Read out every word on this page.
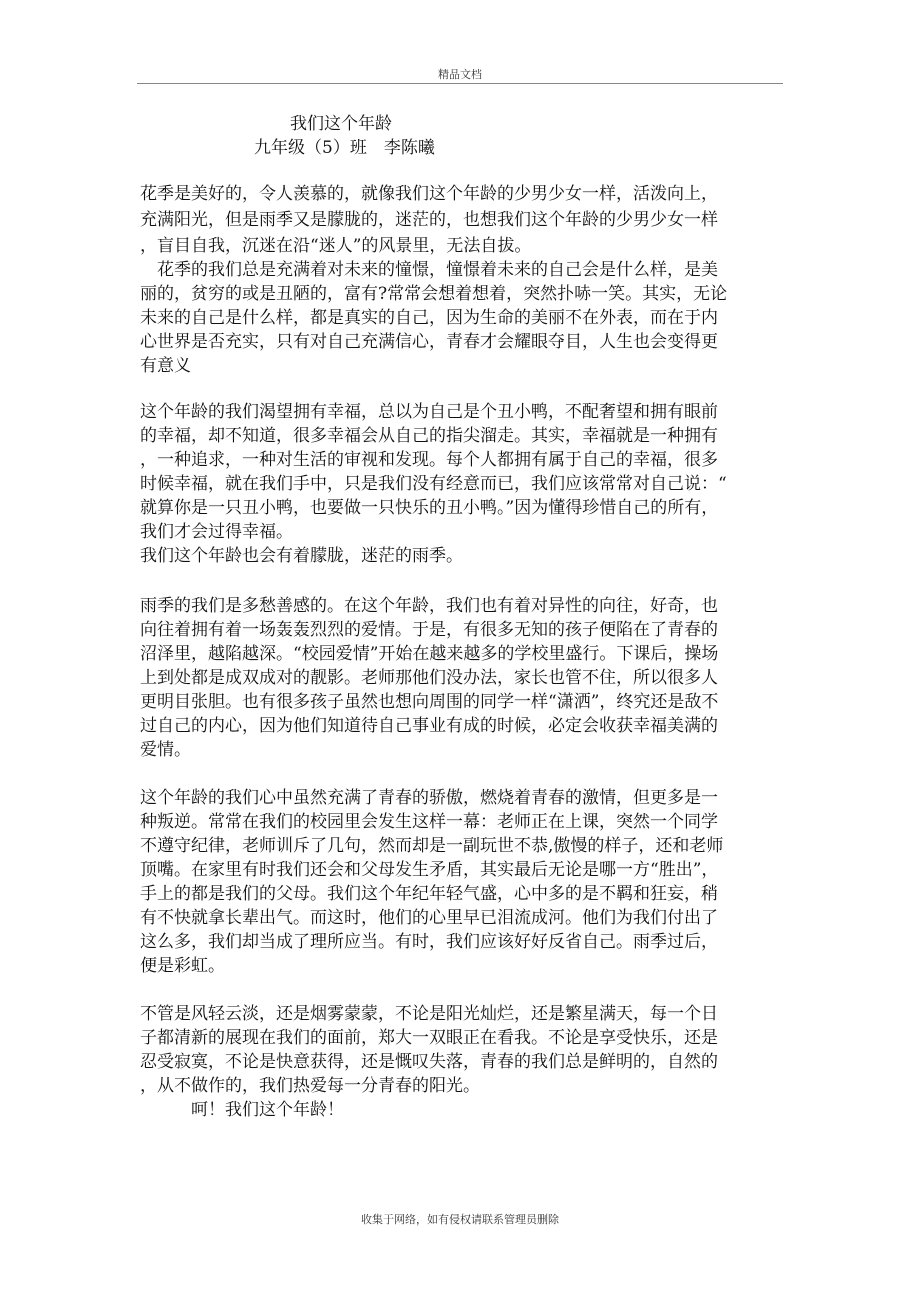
精品文档
我们这个年龄
九年级（5）班　李陈曦
花季是美好的，令人羡慕的，就像我们这个年龄的少男少女一样，活泼向上，
充满阳光，但是雨季又是朦胧的，迷茫的，也想我们这个年龄的少男少女一样
，盲目自我，沉迷在沿“迷人”的风景里，无法自拔。
　花季的我们总是充满着对未来的憧憬，憧憬着未来的自己会是什么样，是美
丽的，贫穷的或是丑陋的，富有?常常会想着想着，突然扑哧一笑。其实，无论
未来的自己是什么样，都是真实的自己，因为生命的美丽不在外表，而在于内
心世界是否充实，只有对自己充满信心，青春才会耀眼夺目，人生也会变得更
有意义
这个年龄的我们渴望拥有幸福，总以为自己是个丑小鸭，不配奢望和拥有眼前
的幸福，却不知道，很多幸福会从自己的指尖溜走。其实，幸福就是一种拥有
，一种追求，一种对生活的审视和发现。每个人都拥有属于自己的幸福，很多
时候幸福，就在我们手中，只是我们没有经意而已，我们应该常常对自己说：“
就算你是一只丑小鸭，也要做一只快乐的丑小鸭。”因为懂得珍惜自己的所有，
我们才会过得幸福。
我们这个年龄也会有着朦胧，迷茫的雨季。
雨季的我们是多愁善感的。在这个年龄，我们也有着对异性的向往，好奇，也
向往着拥有着一场轰轰烈烈的爱情。于是，有很多无知的孩子便陷在了青春的
沼泽里，越陷越深。“校园爱情”开始在越来越多的学校里盛行。下课后，操场
上到处都是成双成对的靓影。老师那他们没办法，家长也管不住，所以很多人
更明目张胆。也有很多孩子虽然也想向周围的同学一样“潇洒”，终究还是敌不
过自己的内心，因为他们知道待自己事业有成的时候，必定会收获幸福美满的
爱情。
这个年龄的我们心中虽然充满了青春的骄傲，燃烧着青春的激情，但更多是一
种叛逆。常常在我们的校园里会发生这样一幕：老师正在上课，突然一个同学
不遵守纪律，老师训斥了几句，然而却是一副玩世不恭,傲慢的样子，还和老师
顶嘴。在家里有时我们还会和父母发生矛盾，其实最后无论是哪一方“胜出”，
手上的都是我们的父母。我们这个年纪年轻气盛，心中多的是不羁和狂妄，稍
有不快就拿长辈出气。而这时，他们的心里早已泪流成河。他们为我们付出了
这么多，我们却当成了理所应当。有时，我们应该好好反省自己。雨季过后，
便是彩虹。
不管是风轻云淡，还是烟雾蒙蒙，不论是阳光灿烂，还是繁星满天，每一个日
子都清新的展现在我们的面前，郑大一双眼正在看我。不论是享受快乐，还是
忍受寂寞，不论是快意获得，还是慨叹失落，青春的我们总是鲜明的，自然的
，从不做作的，我们热爱每一分青春的阳光。
　　　呵！我们这个年龄！
收集于网络，如有侵权请联系管理员删除
